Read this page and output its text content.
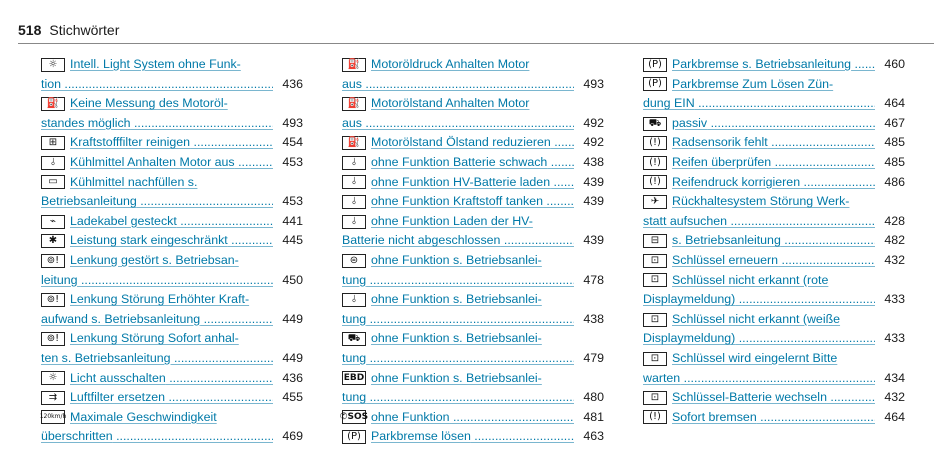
518 Stichwörter
☼	Intell. Light System ohne Funk-
tion .....	436
⛽ Keine Messung des Motoröl-
standes möglich .....	493
⊞	Kraftstofffilter reinigen .....	454
⫰	Kühlmittel Anhalten Motor aus .....	453
▭ Kühlmittel nachfüllen s.
Betriebsanleitung .....	453
⌁	Ladekabel gesteckt .....	441
✱	Leistung stark eingeschränkt .....	445
⊚! Lenkung gestört s. Betriebsan-
leitung .....	450
⊚! Lenkung Störung Erhöhter Kraft-
aufwand s. Betriebsanleitung .....	449
⊚! Lenkung Störung Sofort anhal-
ten s. Betriebsanleitung .....	449
☼	Licht ausschalten .....	436
⇉	Luftfilter ersetzen .....	455
120km/h Maximale Geschwindigkeit
überschritten .....	469
⛽ Motoröldruck Anhalten Motor
aus .....	493
⛽ Motorölstand Anhalten Motor
aus .....	492
⛽ Motorölstand Ölstand reduzieren .....	492
⫰	ohne Funktion Batterie schwach .....	438
⫰	ohne Funktion HV-Batterie laden .....	439
⫰	ohne Funktion Kraftstoff tanken .....	439
⫰	ohne Funktion Laden der HV-
Batterie nicht abgeschlossen .....	439
⊜	ohne Funktion s. Betriebsanlei-
tung .....	478
⫰	ohne Funktion s. Betriebsanlei-
tung .....	438
⛟ ohne Funktion s. Betriebsanlei-
tung .....	479
EBD ohne Funktion s. Betriebsanlei-
tung .....	480
✆SOS ohne Funktion .....	481
(P) Parkbremse lösen .....	463
(P) Parkbremse s. Betriebsanleitung .....	460
(P) Parkbremse Zum Lösen Zün-
dung EIN .....	464
⛟ passiv .....	467
(!) Radsensorik fehlt .....	485
(!) Reifen überprüfen .....	485
(!) Reifendruck korrigieren .....	486
✈	Rückhaltesystem Störung Werk-
statt aufsuchen .....	428
⊟	s. Betriebsanleitung .....	482
⊡	Schlüssel erneuern .....	432
⊡	Schlüssel nicht erkannt (rote
Displaymeldung) .....	433
⊡	Schlüssel nicht erkannt (weiße
Displaymeldung) .....	433
⊡	Schlüssel wird eingelernt Bitte
warten .....	434
⊡	Schlüssel-Batterie wechseln .....	432
(!) Sofort bremsen .....	464
